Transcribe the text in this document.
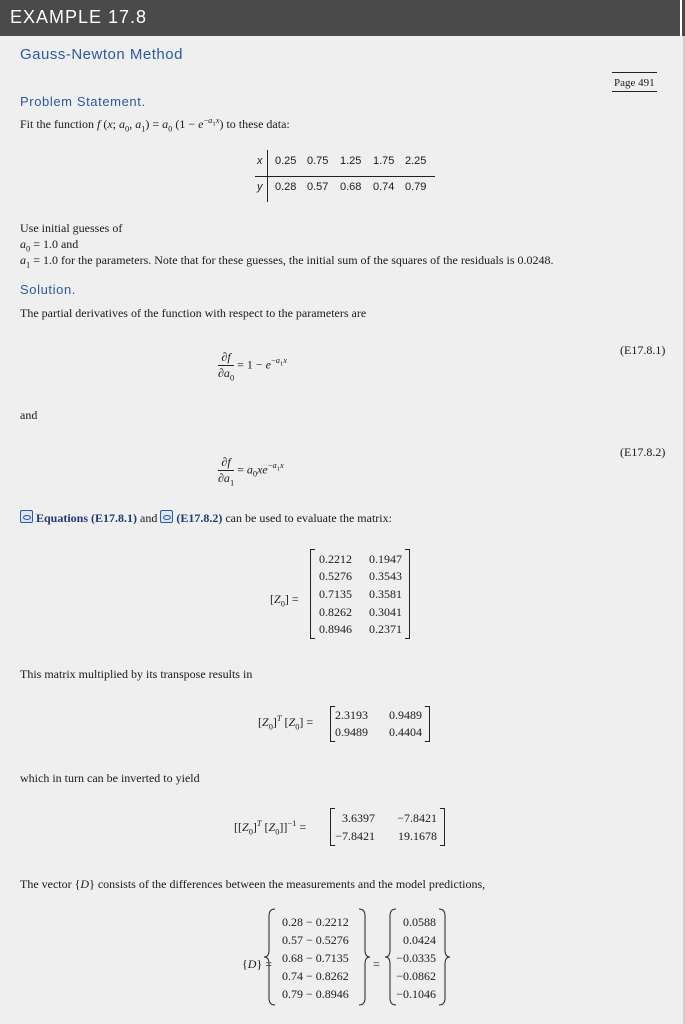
EXAMPLE 17.8
Gauss-Newton Method
Page 491
Problem Statement.
Fit the function f (x; $a_0$, $a_1) = a_0$ $(1 - e^{-a_1x})$ to these data:
x
y
0.25 0.75 1.25 1.75 2.25
0.28 0.57 0.68 0.74 0.79
Use initial guesses of
$a_0 = 1.0$ and
$a_1 = 1.0$ for the parameters. Note that for these guesses, the initial sum of the squares of the residuals is 0.0248.
Solution.
The partial derivatives of the function with respect to the parameters are
$\frac{\partial f}{\partial a_0} = 1 - e^{-a_1x}$
(E17.8.1)
and
$\frac{\partial f}{\partial a_1} = a_0xe^{-a_1x}$
(E17.8.2)
Equations (E17.8.1) and (E17.8.2) can be used to evaluate the matrix:
$[Z_0]$ =
0.2212 0.1947
0.5276 0.3543
0.7135 0.3581
0.8262 0.3041
0.8946 0.2371
This matrix multiplied by its transpose results in
$[Z_0]^T$ $[Z_0] = 2.3193$ 0.9489
0.9489 0.4404
which in turn can be inverted to yield
[$[Z_0]^T$ $[Z_0]]^{-1}$ =
3.6397 −7.8421
−7.8421 19.1678
The vector {D} consists of the differences between the measurements and the model predictions,
{D} =
0.28 − 0.2212
0.57 − 0.5276
0.68 − 0.7135
0.74 − 0.8262
0.79 − 0.8946
=
0.0588
0.0424
−0.0335
−0.0862
−0.1046
